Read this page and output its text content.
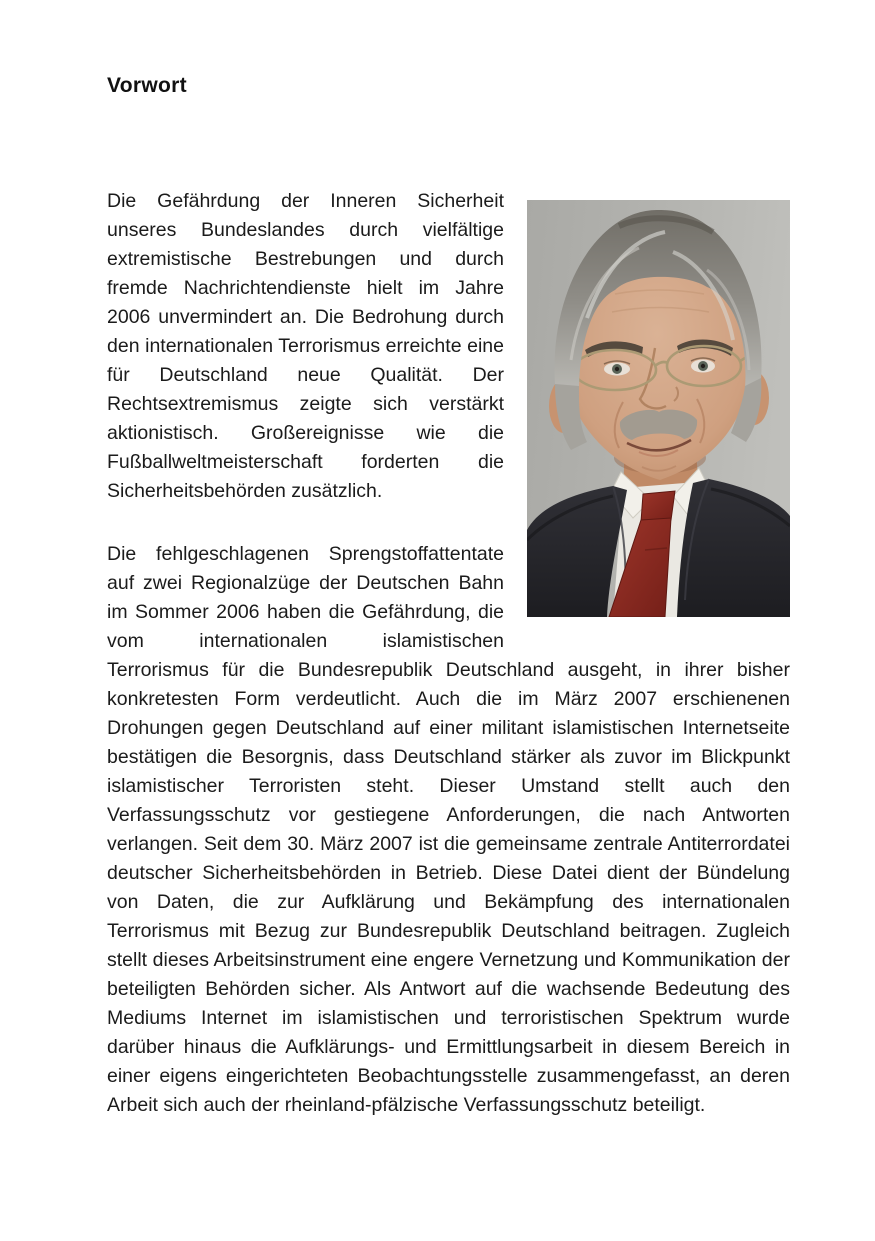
Vorwort

Die Gefährdung der Inneren Sicherheit unseres Bundeslandes durch vielfältige extremistische Bestrebungen und durch fremde Nachrichtendienste hielt im Jahre 2006 unvermindert an. Die Bedrohung durch den internationalen Terrorismus erreichte eine für Deutschland neue Qualität. Der Rechtsextremismus zeigte sich verstärkt aktionistisch. Großereignisse wie die Fußballweltmeisterschaft forderten die Sicherheitsbehörden zusätzlich.

Die fehlgeschlagenen Sprengstoffattentate auf zwei Regionalzüge der Deutschen Bahn im Sommer 2006 haben die Gefährdung, die vom internationalen islamistischen Terrorismus für die Bundesrepublik Deutschland ausgeht, in ihrer bisher konkretesten Form verdeutlicht. Auch die im März 2007 erschienenen Drohungen gegen Deutschland auf einer militant islamistischen Internetseite bestätigen die Besorgnis, dass Deutschland stärker als zuvor im Blickpunkt islamistischer Terroristen steht. Dieser Umstand stellt auch den Verfassungsschutz vor gestiegene Anforderungen, die nach Antworten verlangen. Seit dem 30. März 2007 ist die gemeinsame zentrale Antiterrordatei deutscher Sicherheitsbehörden in Betrieb. Diese Datei dient der Bündelung von Daten, die zur Aufklärung und Bekämpfung des internationalen Terrorismus mit Bezug zur Bundesrepublik Deutschland beitragen. Zugleich stellt dieses Arbeitsinstrument eine engere Vernetzung und Kommunikation der beteiligten Behörden sicher. Als Antwort auf die wachsende Bedeutung des Mediums Internet im islamistischen und terroristischen Spektrum wurde darüber hinaus die Aufklärungs- und Ermittlungsarbeit in diesem Bereich in einer eigens eingerichteten Beobachtungsstelle zusammengefasst, an deren Arbeit sich auch der rheinland-pfälzische Verfassungsschutz beteiligt.
